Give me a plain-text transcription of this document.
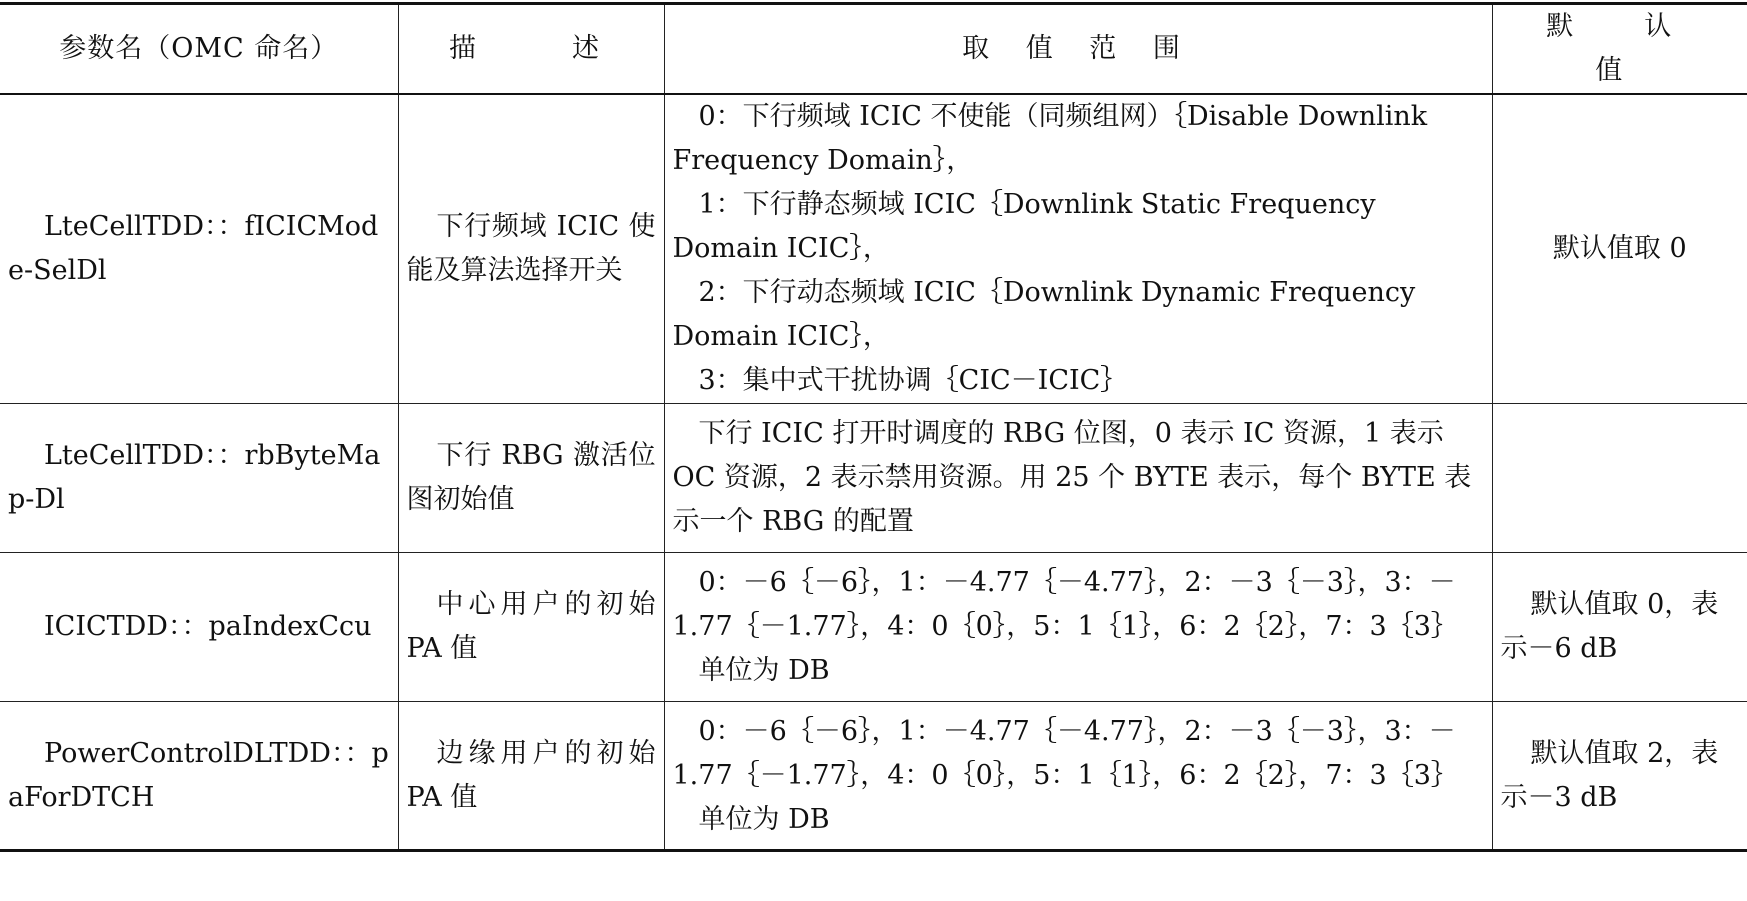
参数名（OMC 命名）	描　　述	取 值 范 围	默　认　值
LteCellTDD：：fICICMode-SelDl	下行频域 ICIC 使能及算法选择开关	0：下行频域 ICIC 不使能（同频组网）｛Disable Downlink Frequency Domain｝，
1：下行静态频域 ICIC｛Downlink Static Frequency Domain ICIC｝，
2：下行动态频域 ICIC｛Downlink Dynamic Frequency Domain ICIC｝，
3：集中式干扰协调｛CIC－ICIC｝	默认值取 0
LteCellTDD：：rbByteMap-Dl	下行 RBG 激活位图初始值	下行 ICIC 打开时调度的 RBG 位图，0 表示 IC 资源，1 表示 OC 资源，2 表示禁用资源。用 25 个 BYTE 表示，每个 BYTE 表示一个 RBG 的配置	

ICICTDD：：paIndexCcu	中心用户的初始 PA 值	0：－6｛－6｝，1：－4.77｛－4.77｝，2：－3｛－3｝，3：－1.77｛－1.77｝，4：0｛0｝，5：1｛1｝，6：2｛2｝，7：3｛3｝
单位为 DB	默认值取 0，表示－6 dB
PowerControlDLTDD：：paForDTCH	边缘用户的初始 PA 值	0：－6｛－6｝，1：－4.77｛－4.77｝，2：－3｛－3｝，3：－1.77｛－1.77｝，4：0｛0｝，5：1｛1｝，6：2｛2｝，7：3｛3｝
单位为 DB	默认值取 2，表示－3 dB
